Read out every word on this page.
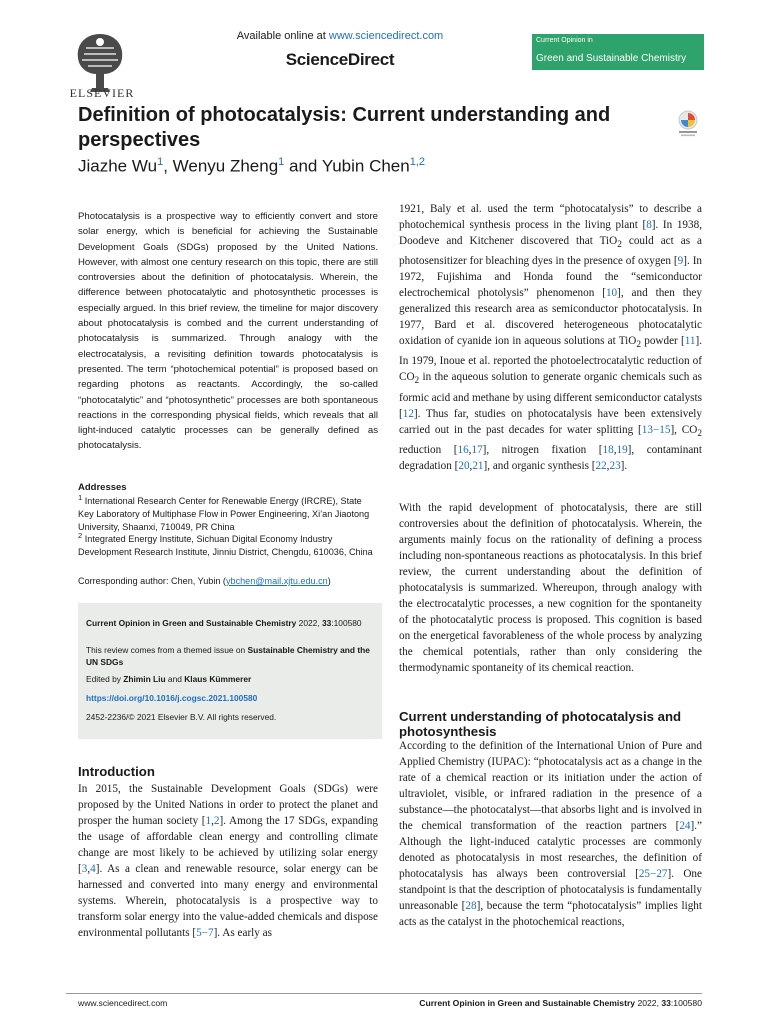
ELSEVIER
Available online at www.sciencedirect.com
ScienceDirect
Current Opinion in
Green and Sustainable Chemistry
Definition of photocatalysis: Current understanding and perspectives
Jiazhe Wu$^1$, Wenyu Zheng$^1$ and Yubin Chen$^{1,2}$
Photocatalysis is a prospective way to efficiently convert and store solar energy, which is beneficial for achieving the Sustainable Development Goals (SDGs) proposed by the United Nations. However, with almost one century research on this topic, there are still controversies about the definition of photocatalysis. Wherein, the difference between photocatalytic and photosynthetic processes is especially argued. In this brief review, the timeline for major discovery about photocatalysis is combed and the current understanding of photocatalysis is summarized. Through analogy with the electrocatalysis, a revisiting definition towards photocatalysis is presented. The term “photochemical potential” is proposed based on regarding photons as reactants. Accordingly, the so-called “photocatalytic” and “photosynthetic” processes are both spontaneous reactions in the corresponding physical fields, which reveals that all light-induced catalytic processes can be generally defined as photocatalysis.
Addresses
$^1$ International Research Center for Renewable Energy (IRCRE), State Key Laboratory of Multiphase Flow in Power Engineering, Xi’an Jiaotong University, Shaanxi, 710049, PR China
$^2$ Integrated Energy Institute, Sichuan Digital Economy Industry Development Research Institute, Jinniu District, Chengdu, 610036, China
Corresponding author: Chen, Yubin (ybchen@mail.xjtu.edu.cn)
Current Opinion in Green and Sustainable Chemistry 2022, 33:100580
This review comes from a themed issue on Sustainable Chemistry and the UN SDGs
Edited by Zhimin Liu and Klaus Kümmerer
https://doi.org/10.1016/j.cogsc.2021.100580
2452-2236/© 2021 Elsevier B.V. All rights reserved.
Introduction
In 2015, the Sustainable Development Goals (SDGs) were proposed by the United Nations in order to protect the planet and prosper the human society [1,2]. Among the 17 SDGs, expanding the usage of affordable clean energy and controlling climate change are most likely to be achieved by utilizing solar energy [3,4]. As a clean and renewable resource, solar energy can be harnessed and converted into many energy and environmental systems. Wherein, photocatalysis is a prospective way to transform solar energy into the value-added chemicals and dispose environmental pollutants [5−7]. As early as
1921, Baly et al. used the term “photocatalysis” to describe a photochemical synthesis process in the living plant [8]. In 1938, Doodeve and Kitchener discovered that TiO$_2$ could act as a photosensitizer for bleaching dyes in the presence of oxygen [9]. In 1972, Fujishima and Honda found the “semiconductor electrochemical photolysis” phenomenon [10], and then they generalized this research area as semiconductor photocatalysis. In 1977, Bard et al. discovered heterogeneous photocatalytic oxidation of cyanide ion in aqueous solutions at TiO$_2$ powder [11]. In 1979, Inoue et al. reported the photoelectrocatalytic reduction of $CO_2$ in the aqueous solution to generate organic chemicals such as formic acid and methane by using different semiconductor catalysts [12]. Thus far, studies on photocatalysis have been extensively carried out in the past decades for water splitting [13−15], $CO_2$ reduction [16,17], nitrogen fixation [18,19], contaminant degradation [20,21], and organic synthesis [22,23].
With the rapid development of photocatalysis, there are still controversies about the definition of photocatalysis. Wherein, the arguments mainly focus on the rationality of defining a process including non-spontaneous reactions as photocatalysis. In this brief review, the current understanding about the definition of photocatalysis is summarized. Whereupon, through analogy with the electrocatalytic processes, a new cognition for the spontaneity of the photocatalytic process is proposed. This cognition is based on the energetical favorableness of the whole process by analyzing the chemical potentials, rather than only considering the thermodynamic spontaneity of its chemical reaction.
Current understanding of photocatalysis and photosynthesis
According to the definition of the International Union of Pure and Applied Chemistry (IUPAC): “photocatalysis act as a change in the rate of a chemical reaction or its initiation under the action of ultraviolet, visible, or infrared radiation in the presence of a substance—the photocatalyst—that absorbs light and is involved in the chemical transformation of the reaction partners [24].” Although the light-induced catalytic processes are commonly denoted as photocatalysis in most researches, the definition of photocatalysis has always been controversial [25−27]. One standpoint is that the description of photocatalysis is fundamentally unreasonable [28], because the term “photocatalysis” implies light acts as the catalyst in the photochemical reactions,
www.sciencedirect.com	Current Opinion in Green and Sustainable Chemistry 2022, 33:100580
